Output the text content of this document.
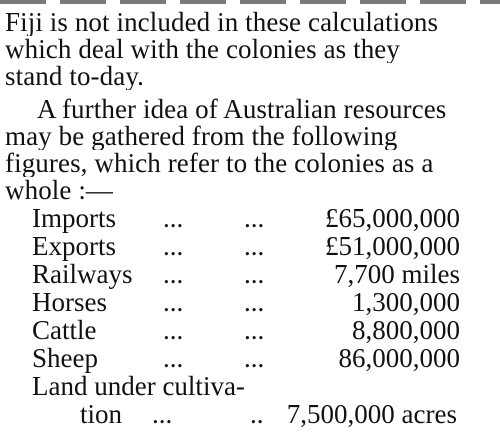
Fiji is not included in these calculations
which deal with the colonies as they
stand to-day.

A further idea of Australian resources
may be gathered from the following
figures, which refer to the colonies as a
whole :—

Imports ... ... £65,000,000
Exports ... ... £51,000,000
Railways ... ...	7,700 miles
Horses ... ...	1,300,000
Cattle ... ...	8,800,000
Sheep ... ...	86,000,000
Land under cultiva-
tion ...	.. 7,500,000 acres
